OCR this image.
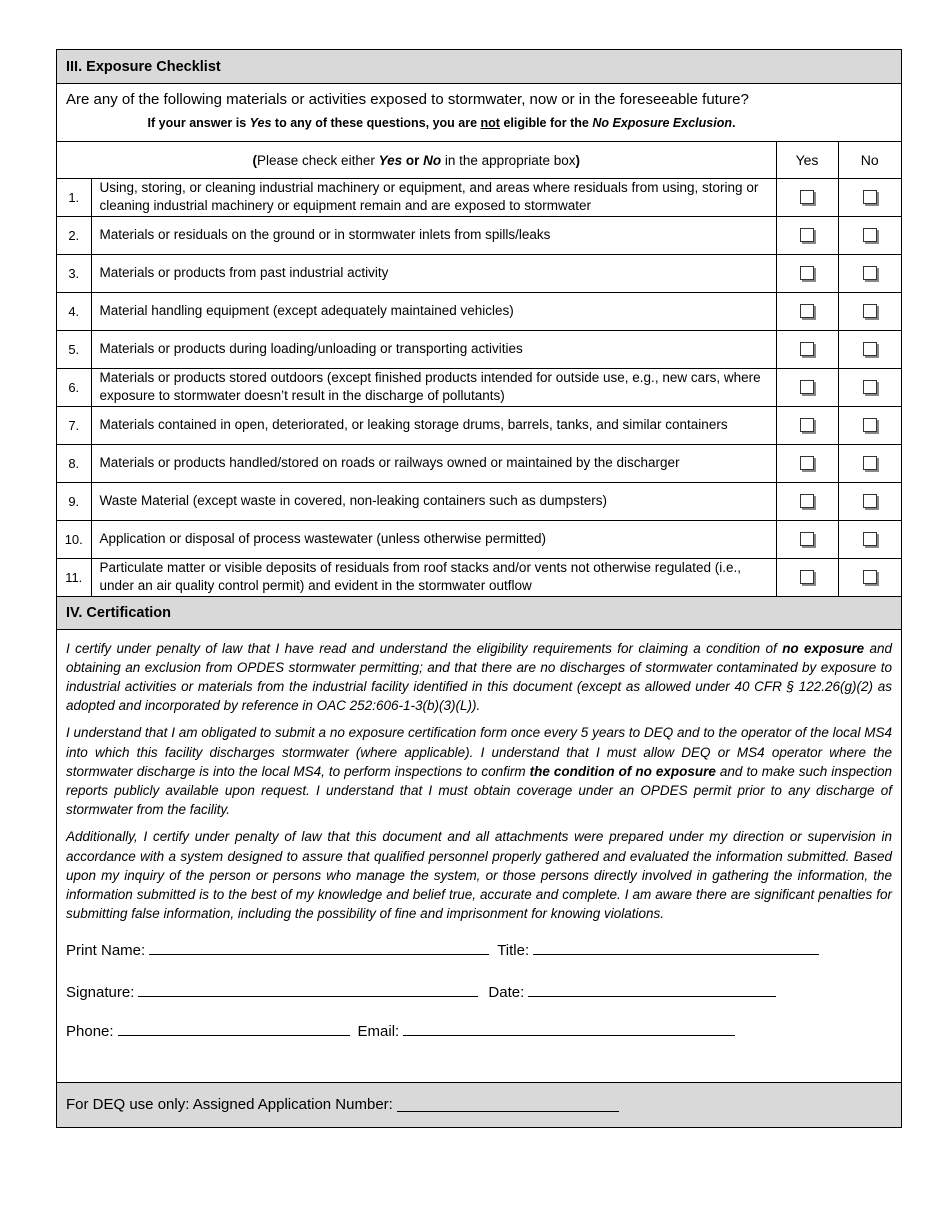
III. Exposure Checklist
Are any of the following materials or activities exposed to stormwater, now or in the foreseeable future?
If your answer is Yes to any of these questions, you are not eligible for the No Exposure Exclusion.
(Please check either Yes or No in the appropriate box)		Yes	No
1.	Using, storing, or cleaning industrial machinery or equipment, and areas where residuals from using, storing or cleaning industrial machinery or equipment remain and are exposed to stormwater		
2.	Materials or residuals on the ground or in stormwater inlets from spills/leaks		
3.	Materials or products from past industrial activity		
4.	Material handling equipment (except adequately maintained vehicles)		
5.	Materials or products during loading/unloading or transporting activities		
6.	Materials or products stored outdoors (except finished products intended for outside use, e.g., new cars, where exposure to stormwater doesn’t result in the discharge of pollutants)		
7.	Materials contained in open, deteriorated, or leaking storage drums, barrels, tanks, and similar containers		
8.	Materials or products handled/stored on roads or railways owned or maintained by the discharger		
9.	Waste Material (except waste in covered, non-leaking containers such as dumpsters)		
10.	Application or disposal of process wastewater (unless otherwise permitted)		
11.	Particulate matter or visible deposits of residuals from roof stacks and/or vents not otherwise regulated (i.e., under an air quality control permit) and evident in the stormwater outflow		
IV. Certification

I certify under penalty of law that I have read and understand the eligibility requirements for claiming a condition of no exposure and obtaining an exclusion from OPDES stormwater permitting; and that there are no discharges of stormwater contaminated by exposure to industrial activities or materials from the industrial facility identified in this document (except as allowed under 40 CFR § 122.26(g)(2) as adopted and incorporated by reference in OAC 252:606-1-3(b)(3)(L)).

I understand that I am obligated to submit a no exposure certification form once every 5 years to DEQ and to the operator of the local MS4 into which this facility discharges stormwater (where applicable). I understand that I must allow DEQ or MS4 operator where the stormwater discharge is into the local MS4, to perform inspections to confirm the condition of no exposure and to make such inspection reports publicly available upon request. I understand that I must obtain coverage under an OPDES permit prior to any discharge of stormwater from the facility.

Additionally, I certify under penalty of law that this document and all attachments were prepared under my direction or supervision in accordance with a system designed to assure that qualified personnel properly gathered and evaluated the information submitted. Based upon my inquiry of the person or persons who manage the system, or those persons directly involved in gathering the information, the information submitted is to the best of my knowledge and belief true, accurate and complete. I am aware there are significant penalties for submitting false information, including the possibility of fine and imprisonment for knowing violations.

Print Name:	Title:
Signature:	Date:
Phone:	Email:
For DEQ use only: Assigned Application Number:
